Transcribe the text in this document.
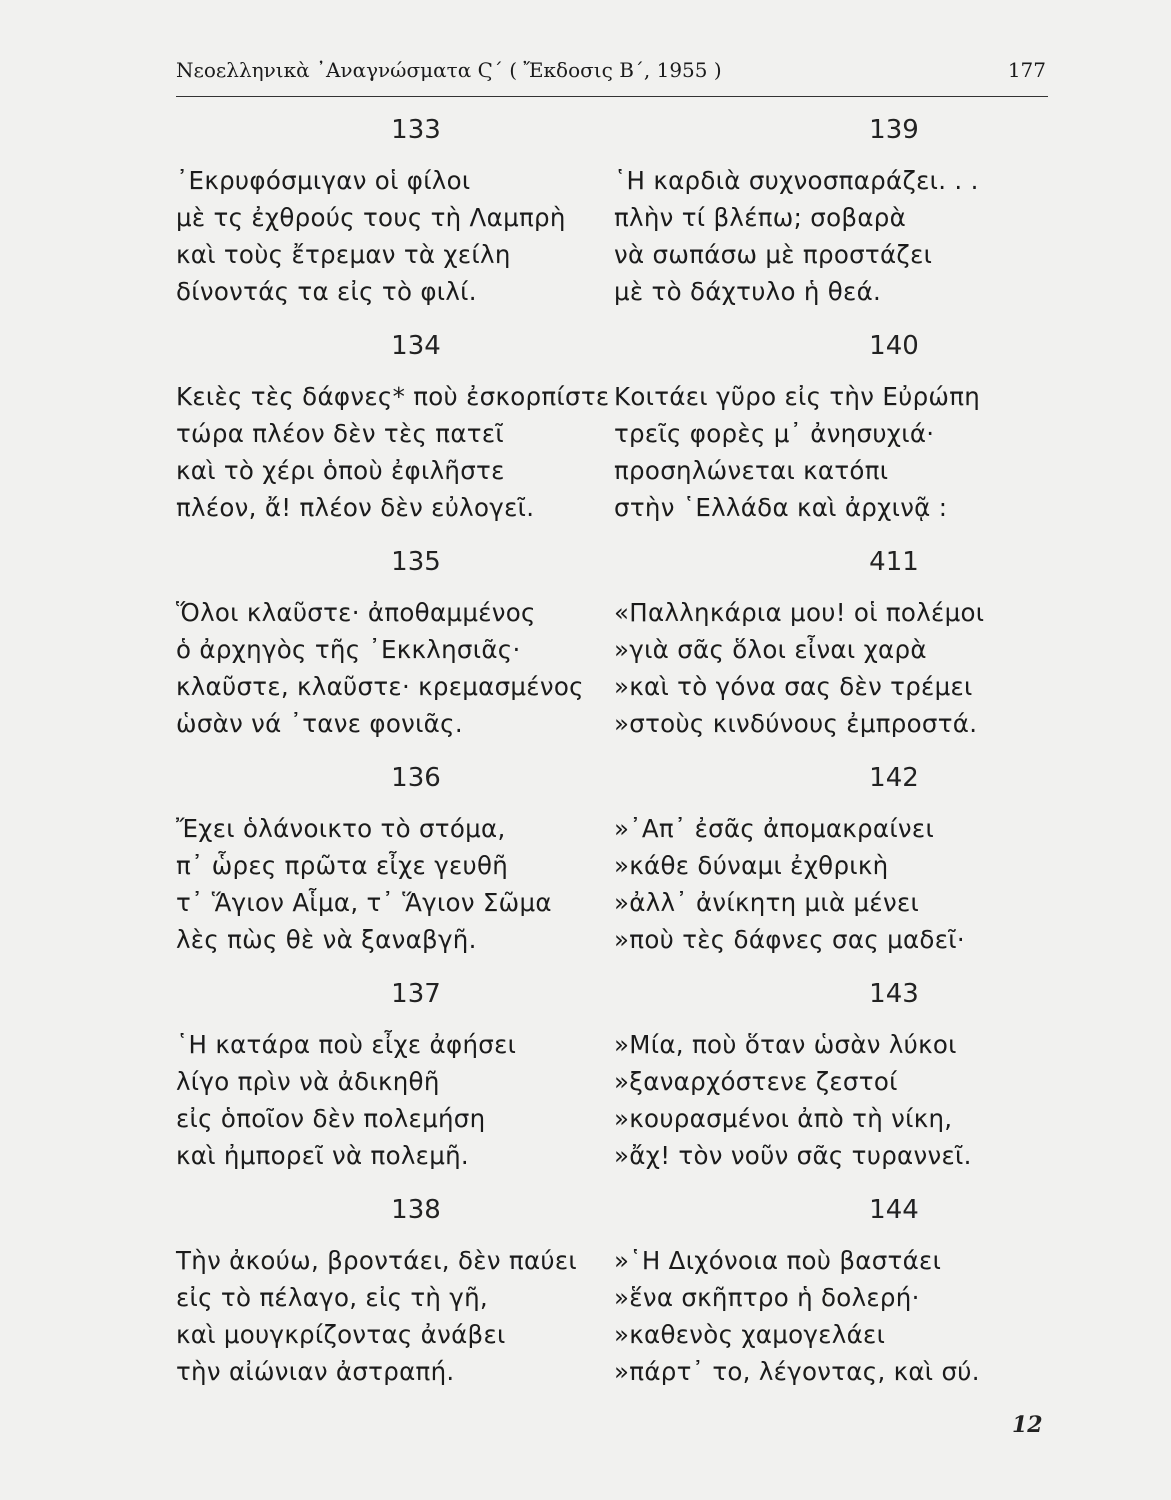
Νεοελληνικὰ ᾿Αναγνώσματα Ϛ΄ ( Ἔκδοσις Β΄, 1955 )	177
133
᾿Εκρυφόσμιγαν οἱ φίλοι
μὲ τς ἐχθρούς τους τὴ Λαμπρὴ
καὶ τοὺς ἔτρεμαν τὰ χείλη
δίνοντάς τα εἰς τὸ φιλί.
134
Κειὲς τὲς δάφνες* ποὺ ἐσκορπίστε
τώρα πλέον δὲν τὲς πατεῖ
καὶ τὸ χέρι ὁποὺ ἐφιλῆστε
πλέον, ἄ! πλέον δὲν εὐλογεῖ.
135
Ὅλοι κλαῦστε· ἀποθαμμένος
ὁ ἀρχηγὸς τῆς ᾿Εκκλησιᾶς·
κλαῦστε, κλαῦστε· κρεμασμένος
ὡσὰν νά ᾿τανε φονιᾶς.
136
Ἔχει ὁλάνοικτο τὸ στόμα,
π᾿ ὧρες πρῶτα εἶχε γευθῆ
τ᾿ Ἅγιον Αἷμα, τ᾿ Ἅγιον Σῶμα
λὲς πὼς θὲ νὰ ξαναβγῆ.
137
῾Η κατάρα ποὺ εἶχε ἀφήσει
λίγο πρὶν νὰ ἀδικηθῆ
εἰς ὁποῖον δὲν πολεμήση
καὶ ἠμπορεῖ νὰ πολεμῆ.
138
Τὴν ἀκούω, βροντάει, δὲν παύει
εἰς τὸ πέλαγο, εἰς τὴ γῆ,
καὶ μουγκρίζοντας ἀνάβει
τὴν αἰώνιαν ἀστραπή.
139
῾Η καρδιὰ συχνοσπαράζει. . .
πλὴν τί βλέπω; σοβαρὰ
νὰ σωπάσω μὲ προστάζει
μὲ τὸ δάχτυλο ἡ θεά.
140
Κοιτάει γῦρο εἰς τὴν Εὐρώπη
τρεῖς φορὲς μ᾿ ἀνησυχιά·
προσηλώνεται κατόπι
στὴν ῾Ελλάδα καὶ ἀρχινᾷ :
411
«Παλληκάρια μου! οἱ πολέμοι
»γιὰ σᾶς ὅλοι εἶναι χαρὰ
»καὶ τὸ γόνα σας δὲν τρέμει
»στοὺς κινδύνους ἐμπροστά.
142
»᾿Απ᾿ ἐσᾶς ἀπομακραίνει
»κάθε δύναμι ἐχθρικὴ
»ἀλλ᾿ ἀνίκητη μιὰ μένει
»ποὺ τὲς δάφνες σας μαδεῖ·
143
»Μία, ποὺ ὅταν ὡσὰν λύκοι
»ξαναρχόστενε ζεστοί
»κουρασμένοι ἀπὸ τὴ νίκη,
»ἄχ! τὸν νοῦν σᾶς τυραννεῖ.
144
»῾Η Διχόνοια ποὺ βαστάει
»ἕνα σκῆπτρο ἡ δολερή·
»καθενὸς χαμογελάει
»πάρτ᾿ το, λέγοντας, καὶ σύ.
12
